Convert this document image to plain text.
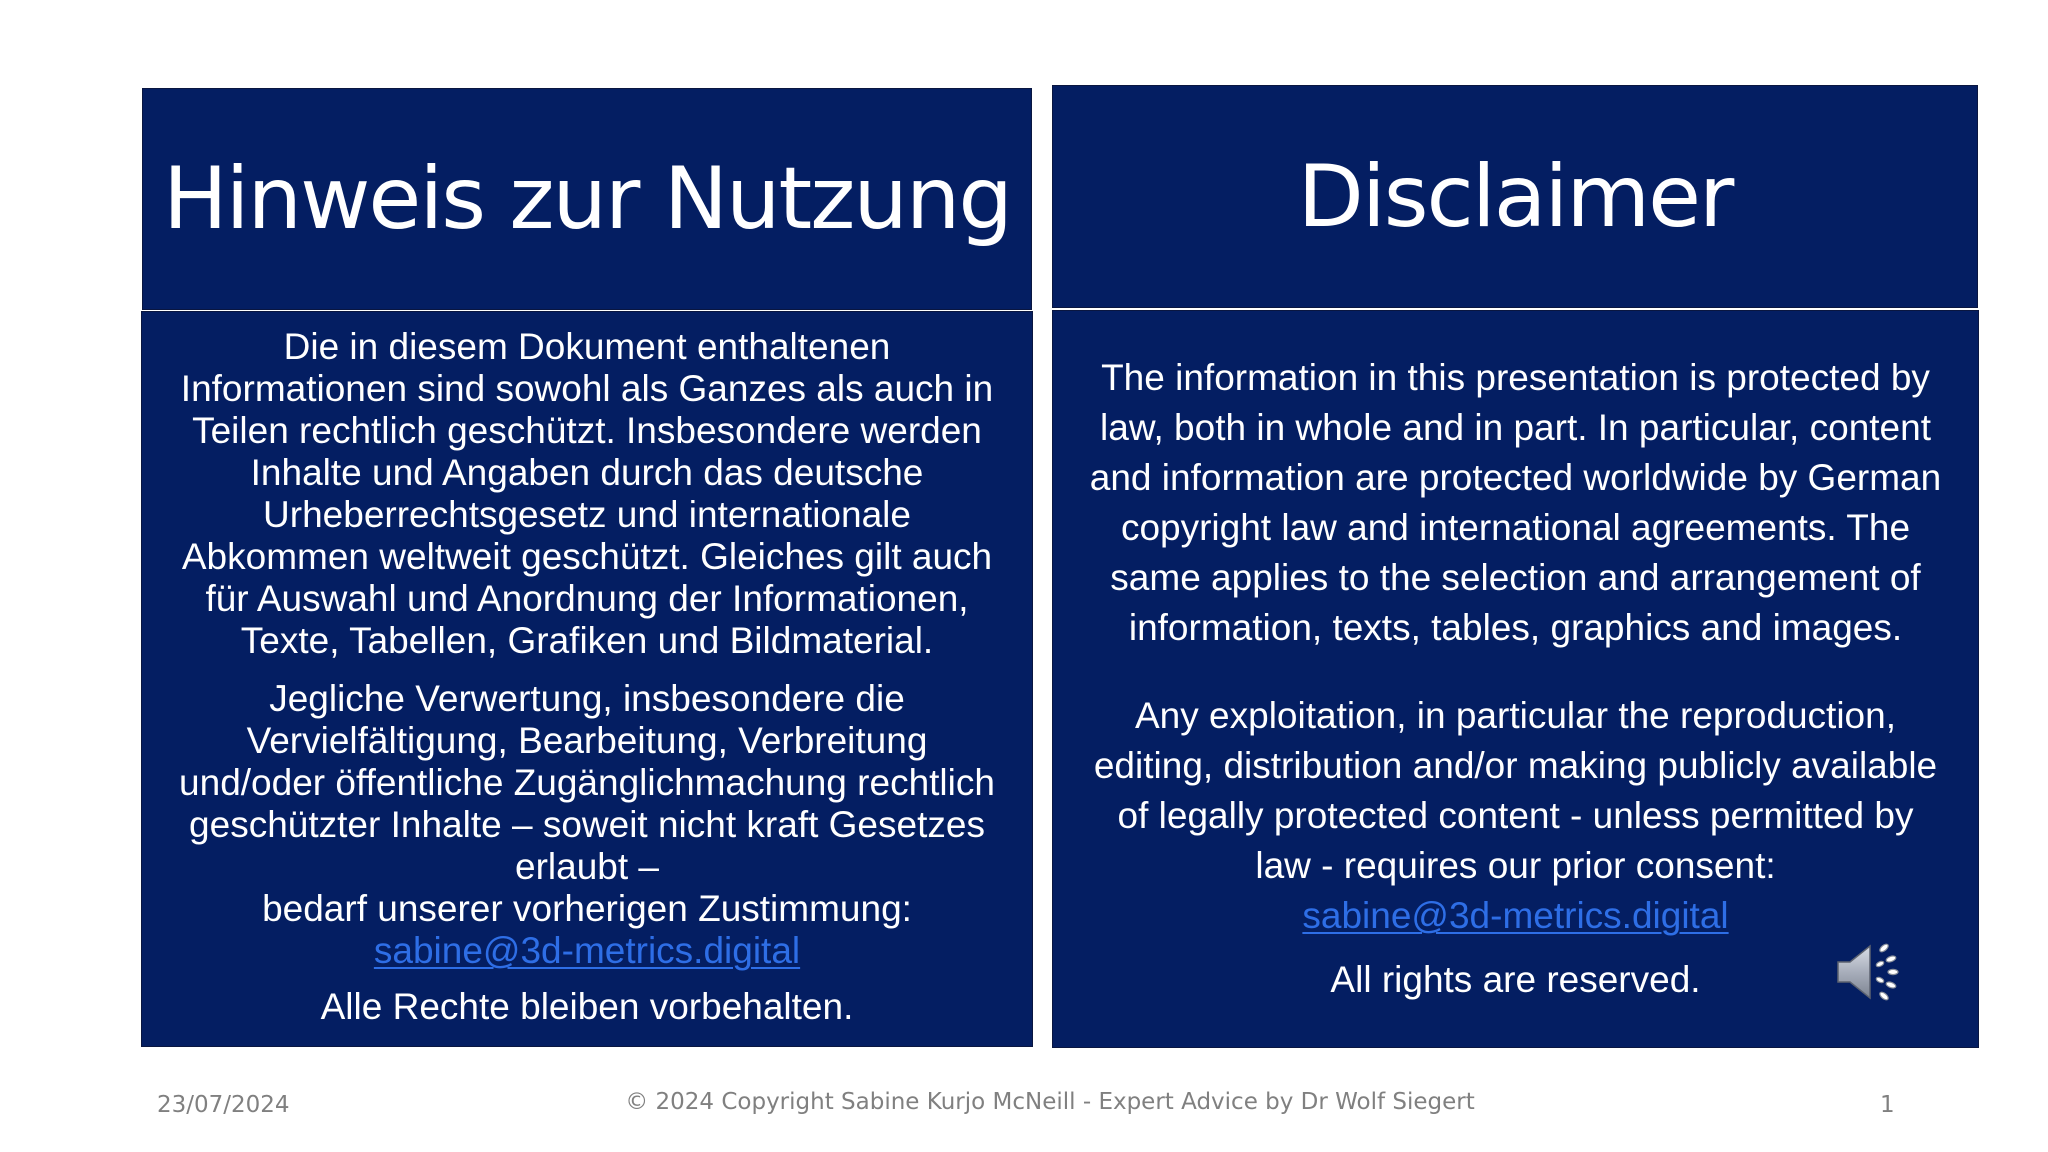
Hinweis zur Nutzung	Disclaimer

Die in diesem Dokument enthaltenen
Informationen sind sowohl als Ganzes als auch in
Teilen rechtlich geschützt. Insbesondere werden
Inhalte und Angaben durch das deutsche
Urheberrechtsgesetz und internationale
Abkommen weltweit geschützt. Gleiches gilt auch
für Auswahl und Anordnung der Informationen,
Texte, Tabellen, Grafiken und Bildmaterial.

Jegliche Verwertung, insbesondere die
Vervielfältigung, Bearbeitung, Verbreitung
und/oder öffentliche Zugänglichmachung rechtlich
geschützter Inhalte – soweit nicht kraft Gesetzes
erlaubt –
bedarf unserer vorherigen Zustimmung:

sabine@3d-metrics.digital

Alle Rechte bleiben vorbehalten.

The information in this presentation is protected by
law, both in whole and in part. In particular, content
and information are protected worldwide by German
copyright law and international agreements. The
same applies to the selection and arrangement of
information, texts, tables, graphics and images.

Any exploitation, in particular the reproduction,
editing, distribution and/or making publicly available
of legally protected content - unless permitted by
law - requires our prior consent:

sabine@3d-metrics.digital

All rights are reserved.

23/07/2024	© 2024 Copyright Sabine Kurjo McNeill - Expert Advice by Dr Wolf Siegert	1
